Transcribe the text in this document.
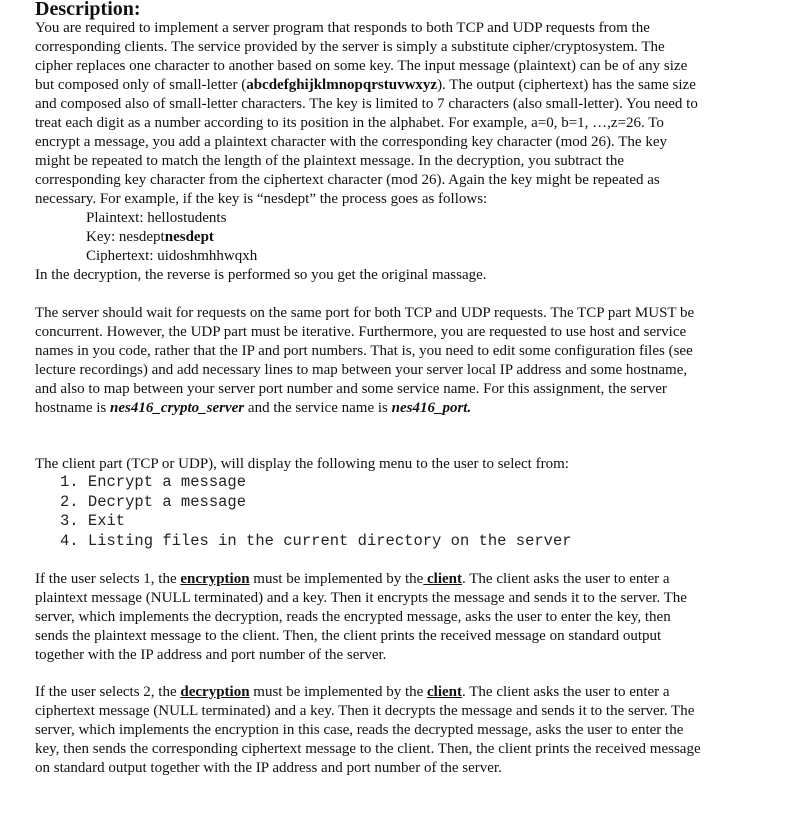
Description:
You are required to implement a server program that responds to both TCP and UDP requests from the
corresponding clients. The service provided by the server is simply a substitute cipher/cryptosystem. The
cipher replaces one character to another based on some key. The input message (plaintext) can be of any size
but composed only of small-letter (abcdefghijklmnopqrstuvwxyz). The output (ciphertext) has the same size
and composed also of small-letter characters. The key is limited to 7 characters (also small-letter). You need to
treat each digit as a number according to its position in the alphabet. For example, a=0, b=1, …,z=26. To
encrypt a message, you add a plaintext character with the corresponding key character (mod 26). The key
might be repeated to match the length of the plaintext message. In the decryption, you subtract the
corresponding key character from the ciphertext character (mod 26). Again the key might be repeated as
necessary. For example, if the key is “nesdept” the process goes as follows:
Plaintext: hellostudents
Key: nesdeptnesdept
Ciphertext: uidoshmhhwqxh
In the decryption, the reverse is performed so you get the original massage.
The server should wait for requests on the same port for both TCP and UDP requests. The TCP part MUST be
concurrent. However, the UDP part must be iterative. Furthermore, you are requested to use host and service
names in you code, rather that the IP and port numbers. That is, you need to edit some configuration files (see
lecture recordings) and add necessary lines to map between your server local IP address and some hostname,
and also to map between your server port number and some service name. For this assignment, the server
hostname is nes416_crypto_server and the service name is nes416_port.
The client part (TCP or UDP), will display the following menu to the user to select from:
1. Encrypt a message
2. Decrypt a message
3. Exit
4. Listing files in the current directory on the server
If the user selects 1, the encryption must be implemented by the client. The client asks the user to enter a
plaintext message (NULL terminated) and a key. Then it encrypts the message and sends it to the server. The
server, which implements the decryption, reads the encrypted message, asks the user to enter the key, then
sends the plaintext message to the client. Then, the client prints the received message on standard output
together with the IP address and port number of the server.
If the user selects 2, the decryption must be implemented by the client. The client asks the user to enter a
ciphertext message (NULL terminated) and a key. Then it decrypts the message and sends it to the server. The
server, which implements the encryption in this case, reads the decrypted message, asks the user to enter the
key, then sends the corresponding ciphertext message to the client. Then, the client prints the received message
on standard output together with the IP address and port number of the server.
